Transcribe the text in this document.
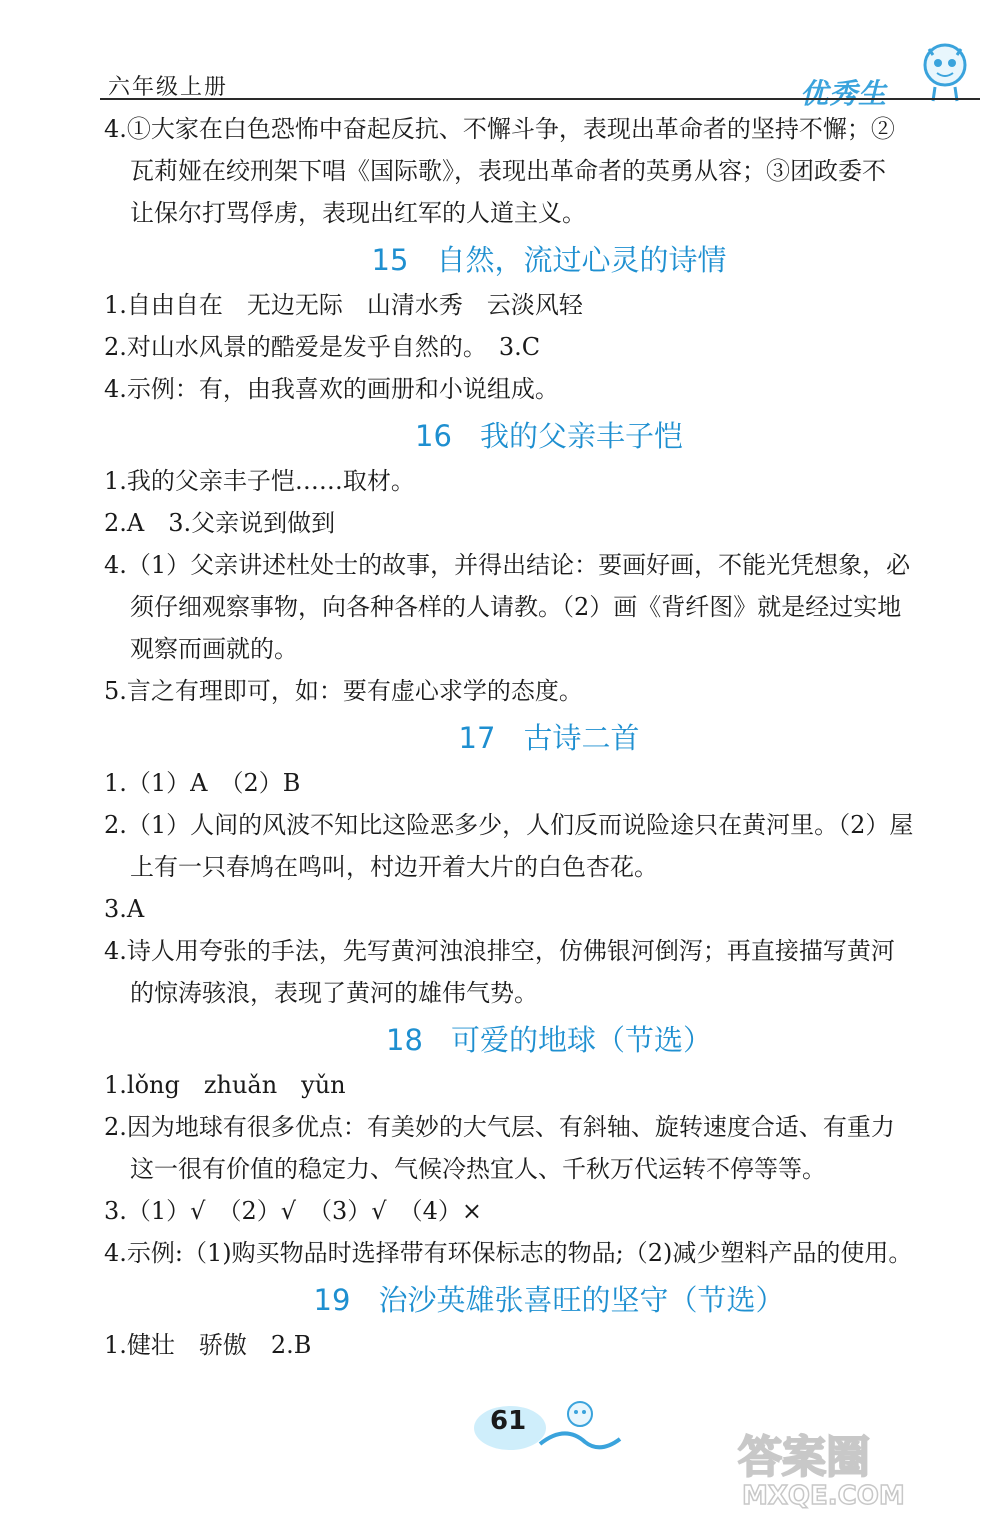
六年级上册	优秀生
4.①大家在白色恐怖中奋起反抗、不懈斗争，表现出革命者的坚持不懈；②
瓦莉娅在绞刑架下唱《国际歌》，表现出革命者的英勇从容；③团政委不
让保尔打骂俘虏，表现出红军的人道主义。
15 自然，流过心灵的诗情
1.自由自在　无边无际　山清水秀　云淡风轻
2.对山水风景的酷爱是发乎自然的。　3.C
4.示例：有，由我喜欢的画册和小说组成。
16 我的父亲丰子恺
1.我的父亲丰子恺……取材。
2.A　3.父亲说到做到
4.（1）父亲讲述杜处士的故事，并得出结论：要画好画，不能光凭想象，必
须仔细观察事物，向各种各样的人请教。（2）画《背纤图》就是经过实地
观察而画就的。
5.言之有理即可，如：要有虚心求学的态度。
17 古诗二首
1.（1）A　（2）B
2.（1）人间的风波不知比这险恶多少，人们反而说险途只在黄河里。（2）屋
上有一只春鸠在鸣叫，村边开着大片的白色杏花。
3.A
4.诗人用夸张的手法，先写黄河浊浪排空，仿佛银河倒泻；再直接描写黄河
的惊涛骇浪，表现了黄河的雄伟气势。
18 可爱的地球（节选）
1.lǒng　zhuǎn　yǔn
2.因为地球有很多优点：有美妙的大气层、有斜轴、旋转速度合适、有重力
这一很有价值的稳定力、气候冷热宜人、千秋万代运转不停等等。
3.（1）√　（2）√　（3）√　（4）×
4.示例:（1)购买物品时选择带有环保标志的物品;（2)减少塑料产品的使用。
19 治沙英雄张喜旺的坚守（节选）
1.健壮　骄傲　2.B
61
答案圈
MXQE.COM
